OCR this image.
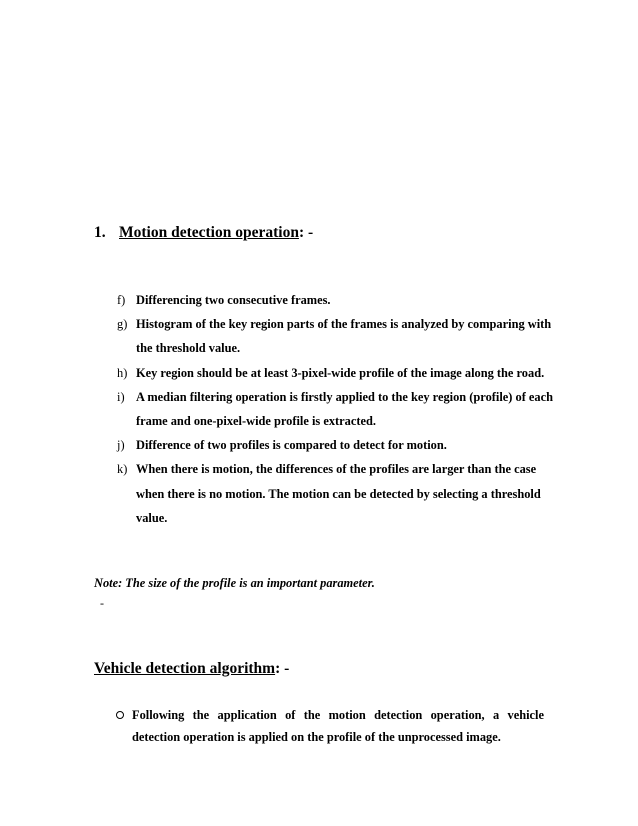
1. Motion detection operation: -
f) Differencing two consecutive frames.
g) Histogram of the key region parts of the frames is analyzed by comparing with the threshold value.
h) Key region should be at least 3-pixel-wide profile of the image along the road.
i) A median filtering operation is firstly applied to the key region (profile) of each frame and one-pixel-wide profile is extracted.
j) Difference of two profiles is compared to detect for motion.
k) When there is motion, the differences of the profiles are larger than the case when there is no motion. The motion can be detected by selecting a threshold value.
Note: The size of the profile is an important parameter.
-
Vehicle detection algorithm: -
Following the application of the motion detection operation, a vehicle detection operation is applied on the profile of the unprocessed image.
